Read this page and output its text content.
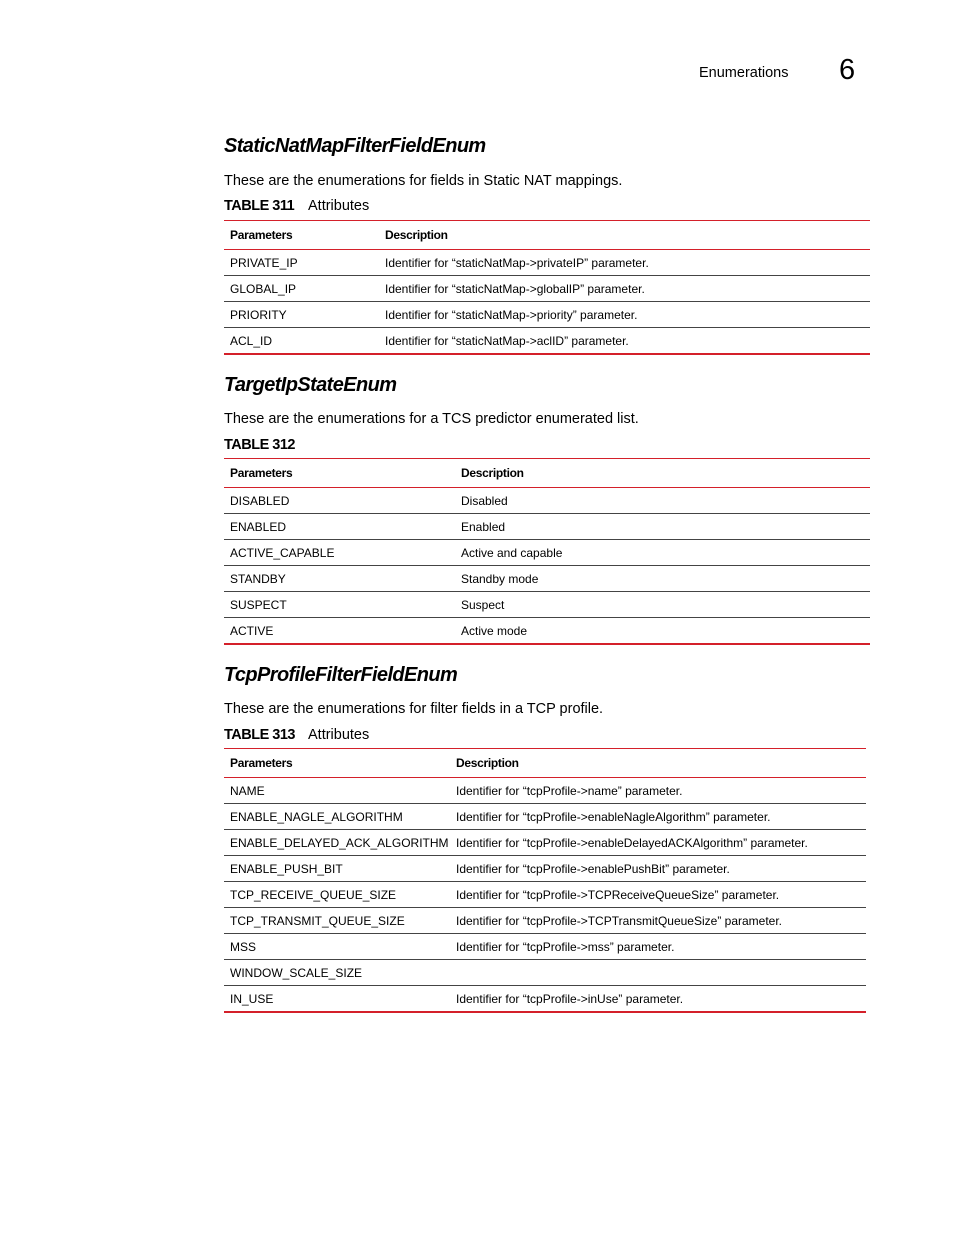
Enumerations 6
StaticNatMapFilterFieldEnum

These are the enumerations for fields in Static NAT mappings.

TABLE 311 Attributes
Parameters	Description
PRIVATE_IP	Identifier for “staticNatMap->privateIP” parameter.
GLOBAL_IP	Identifier for “staticNatMap->globalIP” parameter.
PRIORITY	Identifier for “staticNatMap->priority” parameter.
ACL_ID	Identifier for “staticNatMap->aclID” parameter.
TargetIpStateEnum

These are the enumerations for a TCS predictor enumerated list.

TABLE 312
Parameters	Description
DISABLED	Disabled
ENABLED	Enabled
ACTIVE_CAPABLE	Active and capable
STANDBY	Standby mode
SUSPECT	Suspect
ACTIVE	Active mode
TcpProfileFilterFieldEnum

These are the enumerations for filter fields in a TCP profile.

TABLE 313 Attributes
Parameters	Description
NAME	Identifier for “tcpProfile->name” parameter.
ENABLE_NAGLE_ALGORITHM	Identifier for “tcpProfile->enableNagleAlgorithm” parameter.
ENABLE_DELAYED_ACK_ALGORITHM	Identifier for “tcpProfile->enableDelayedACKAlgorithm” parameter.
ENABLE_PUSH_BIT	Identifier for “tcpProfile->enablePushBit” parameter.
TCP_RECEIVE_QUEUE_SIZE	Identifier for “tcpProfile->TCPReceiveQueueSize” parameter.
TCP_TRANSMIT_QUEUE_SIZE	Identifier for “tcpProfile->TCPTransmitQueueSize” parameter.
MSS	Identifier for “tcpProfile->mss” parameter.
WINDOW_SCALE_SIZE	
IN_USE	Identifier for “tcpProfile->inUse” parameter.
